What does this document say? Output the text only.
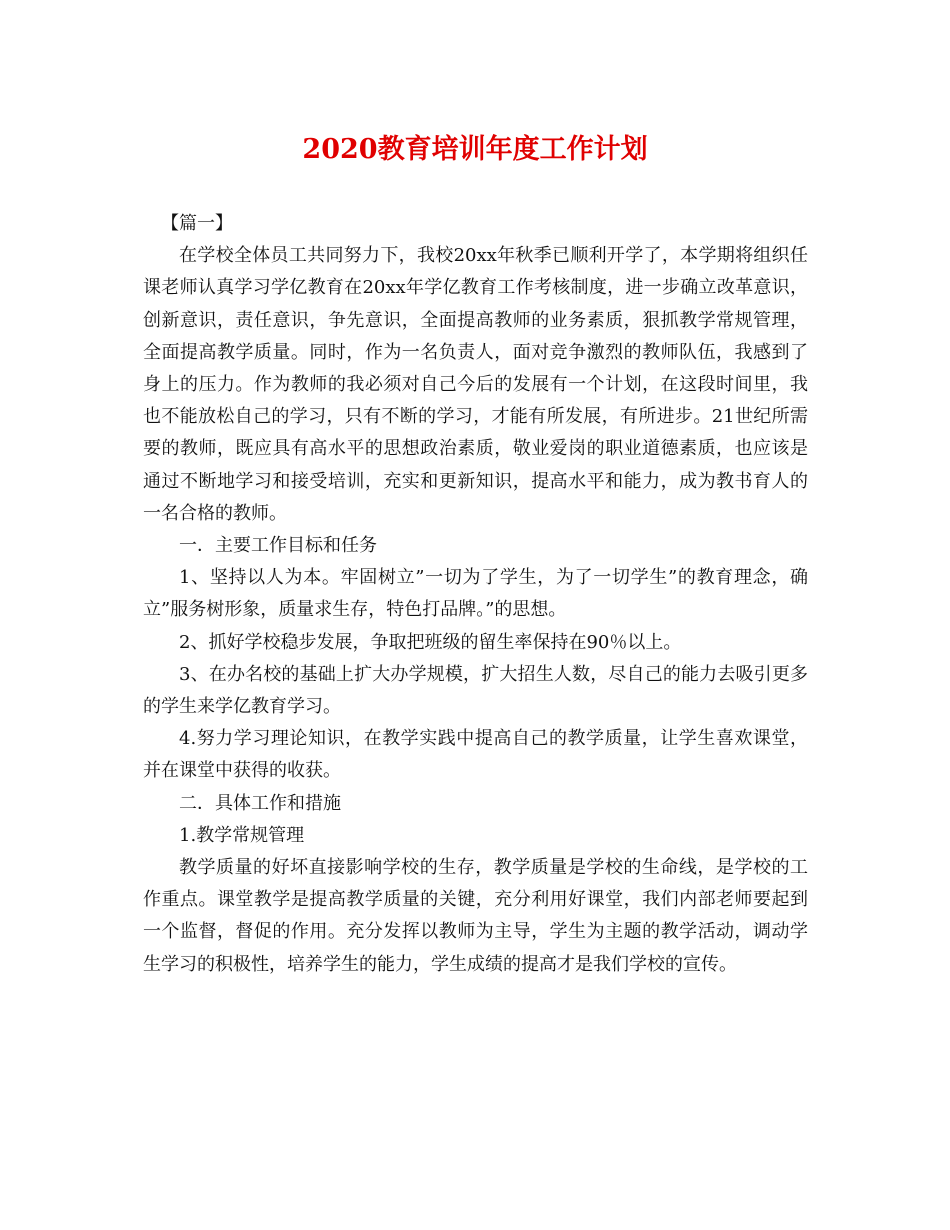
2020教育培训年度工作计划

【篇一】

在学校全体员工共同努力下，我校20xx年秋季已顺利开学了，本学期将组织任课老师认真学习学亿教育在20xx年学亿教育工作考核制度，进一步确立改革意识，创新意识，责任意识，争先意识，全面提高教师的业务素质，狠抓教学常规管理，全面提高教学质量。同时，作为一名负责人，面对竞争激烈的教师队伍，我感到了身上的压力。作为教师的我必须对自己今后的发展有一个计划，在这段时间里，我也不能放松自己的学习，只有不断的学习，才能有所发展，有所进步。21世纪所需要的教师，既应具有高水平的思想政治素质，敬业爱岗的职业道德素质，也应该是通过不断地学习和接受培训，充实和更新知识，提高水平和能力，成为教书育人的一名合格的教师。

一．主要工作目标和任务

1、坚持以人为本。牢固树立”一切为了学生，为了一切学生”的教育理念，确立”服务树形象，质量求生存，特色打品牌。”的思想。

2、抓好学校稳步发展，争取把班级的留生率保持在90％以上。

3、在办名校的基础上扩大办学规模，扩大招生人数，尽自己的能力去吸引更多的学生来学亿教育学习。

4.努力学习理论知识，在教学实践中提高自己的教学质量，让学生喜欢课堂，并在课堂中获得的收获。

二．具体工作和措施

1.教学常规管理

教学质量的好坏直接影响学校的生存，教学质量是学校的生命线，是学校的工作重点。课堂教学是提高教学质量的关键，充分利用好课堂，我们内部老师要起到一个监督，督促的作用。充分发挥以教师为主导，学生为主题的教学活动，调动学生学习的积极性，培养学生的能力，学生成绩的提高才是我们学校的宣传。
